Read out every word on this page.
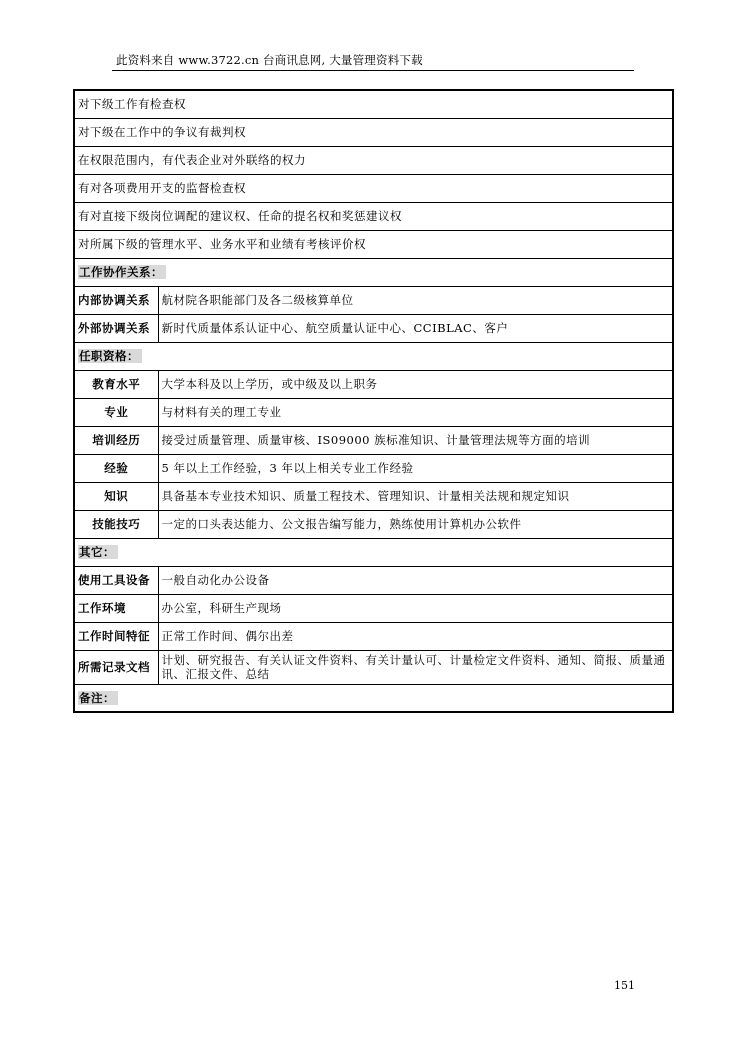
此资料来自 www.3722.cn 台商讯息网, 大量管理资料下载
对下级工作有检查权	
对下级在工作中的争议有裁判权	
在权限范围内，有代表企业对外联络的权力	
有对各项费用开支的监督检查权	
有对直接下级岗位调配的建议权、任命的提名权和奖惩建议权	
对所属下级的管理水平、业务水平和业绩有考核评价权	
工作协作关系：	
内部协调关系	航材院各职能部门及各二级核算单位
外部协调关系	新时代质量体系认证中心、航空质量认证中心、CCIBLAC、客户
任职资格：	
教育水平	大学本科及以上学历，或中级及以上职务
专业	与材料有关的理工专业
培训经历	接受过质量管理、质量审核、IS09000 族标准知识、计量管理法规等方面的培训
经验	5 年以上工作经验，3 年以上相关专业工作经验
知识	具备基本专业技术知识、质量工程技术、管理知识、计量相关法规和规定知识
技能技巧	一定的口头表达能力、公文报告编写能力，熟练使用计算机办公软件
其它：	
使用工具设备	一般自动化办公设备
工作环境	办公室，科研生产现场
工作时间特征	正常工作时间、偶尔出差
所需记录文档	计划、研究报告、有关认证文件资料、有关计量认可、计量检定文件资料、通知、简报、质量通讯、汇报文件、总结
备注：	
151
